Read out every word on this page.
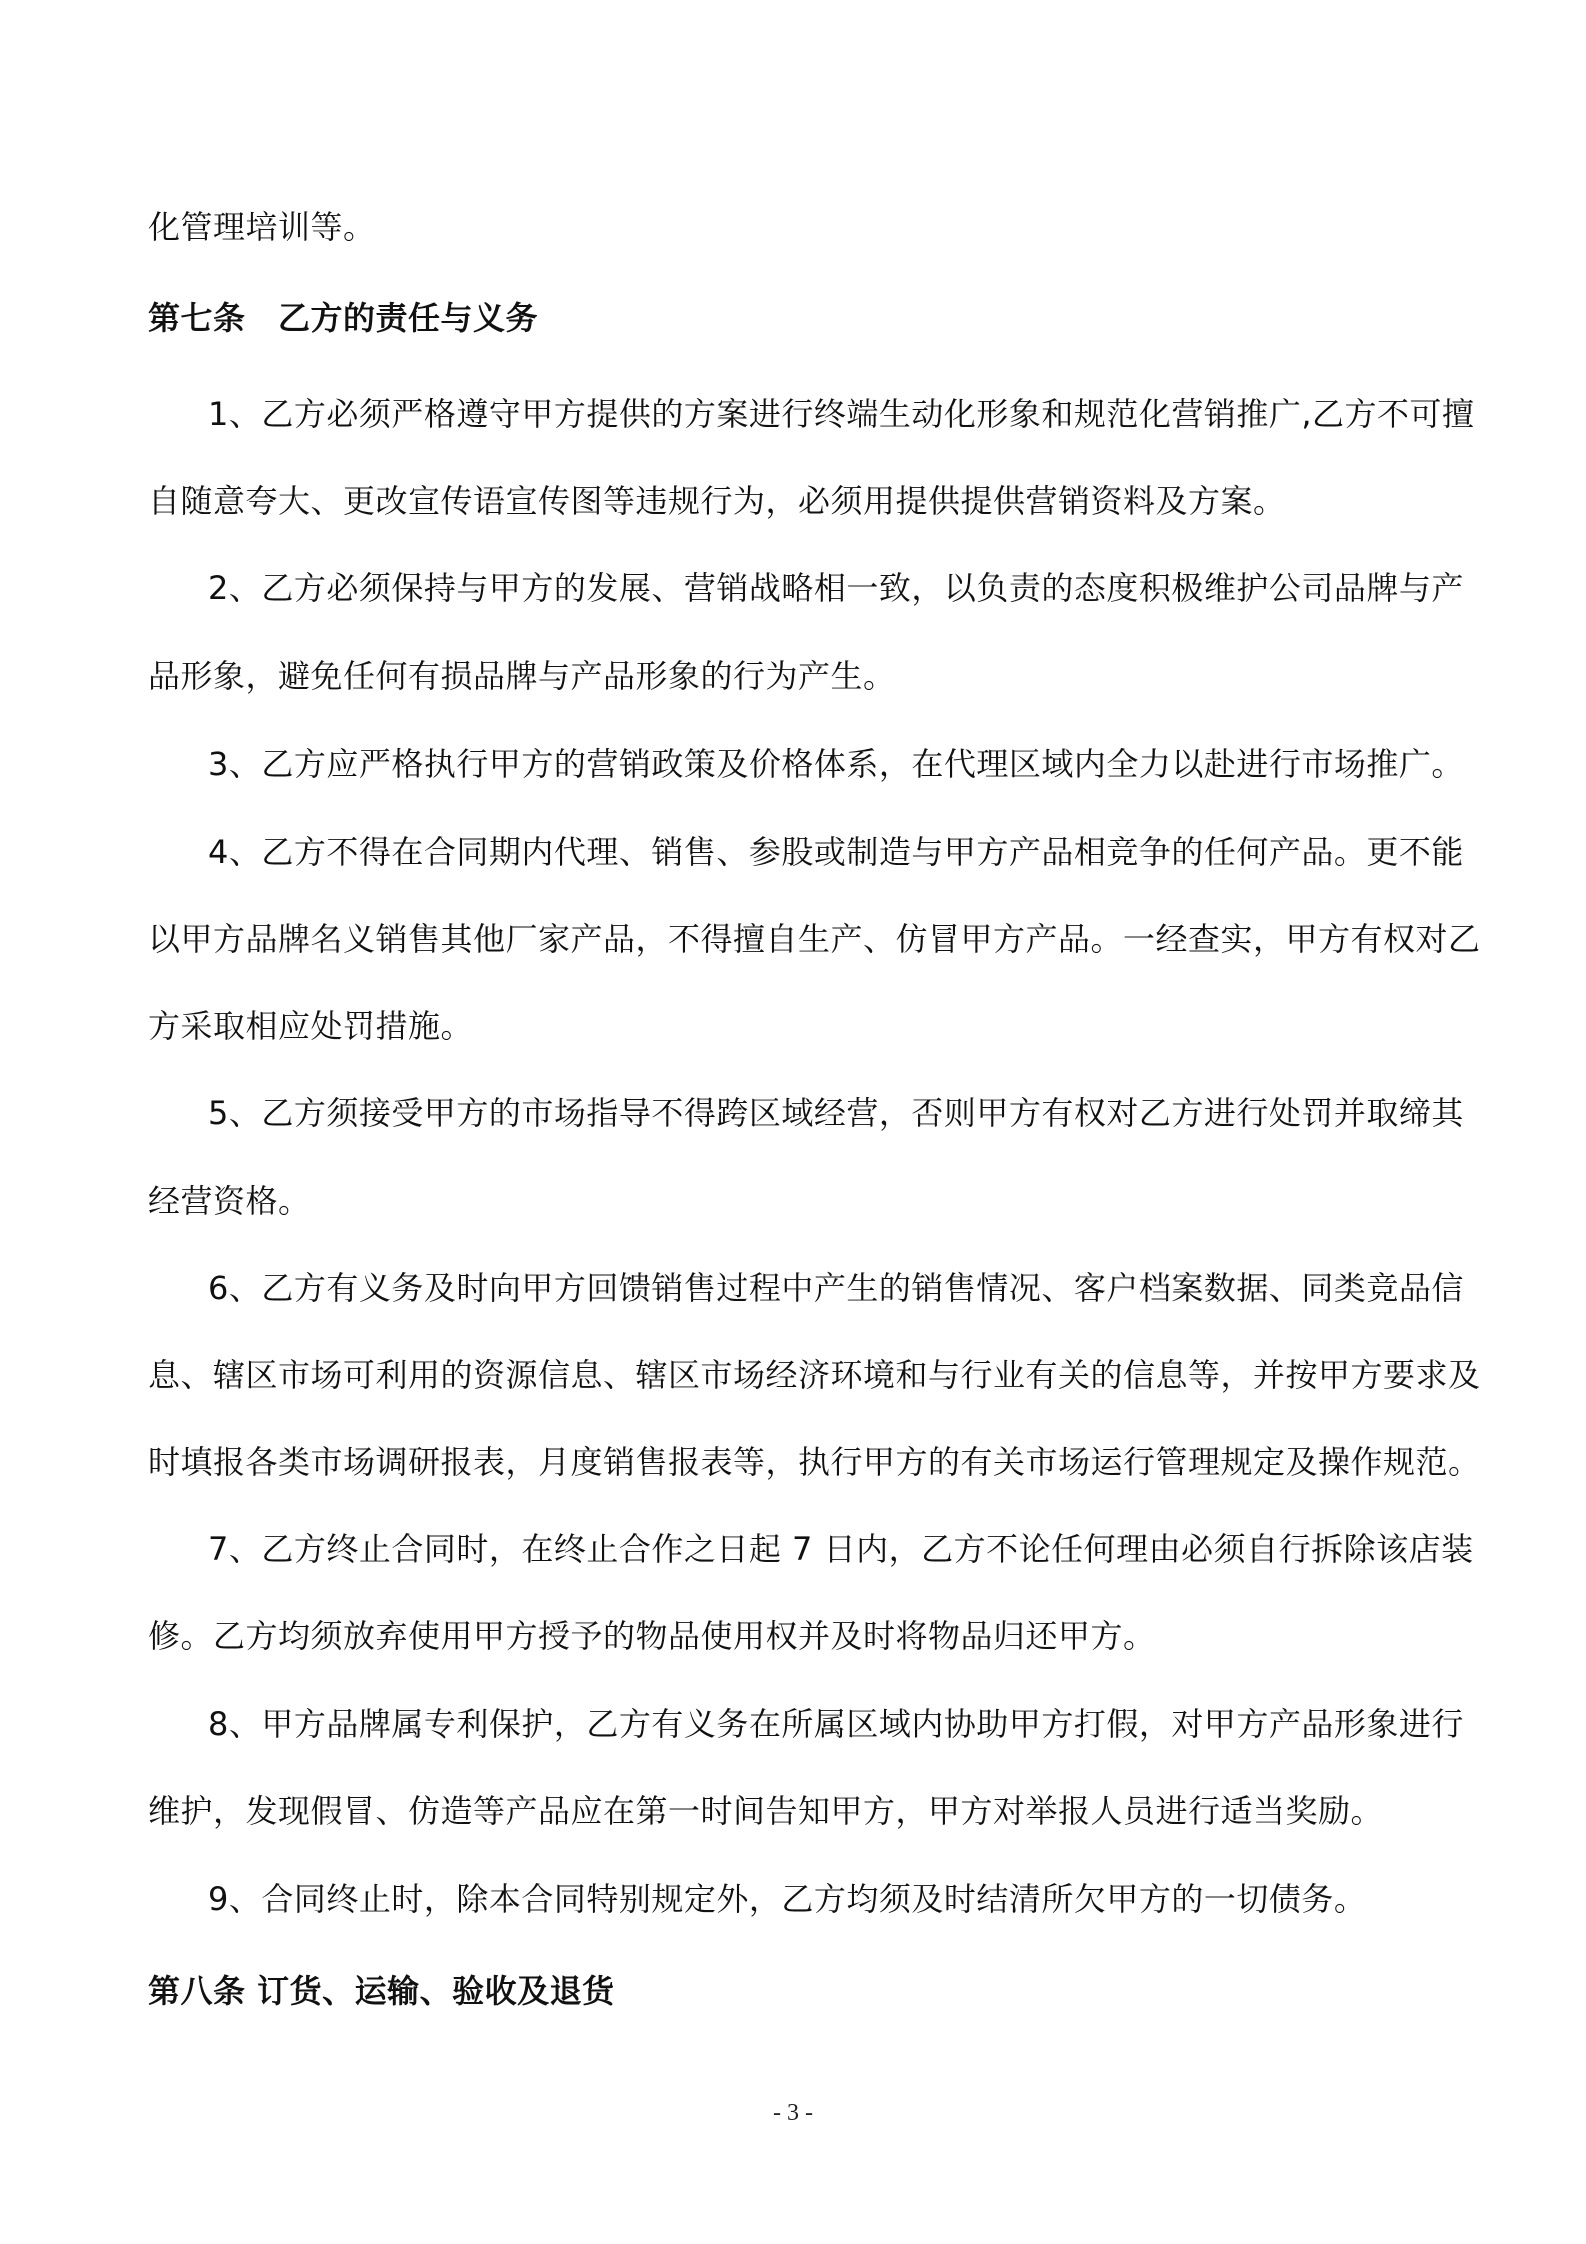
化管理培训等。
第七条　乙方的责任与义务
1、乙方必须严格遵守甲方提供的方案进行终端生动化形象和规范化营销推广,乙方不可擅
自随意夸大、更改宣传语宣传图等违规行为，必须用提供提供营销资料及方案。
2、乙方必须保持与甲方的发展、营销战略相一致，以负责的态度积极维护公司品牌与产
品形象，避免任何有损品牌与产品形象的行为产生。
3、乙方应严格执行甲方的营销政策及价格体系，在代理区域内全力以赴进行市场推广。
4、乙方不得在合同期内代理、销售、参股或制造与甲方产品相竞争的任何产品。更不能
以甲方品牌名义销售其他厂家产品，不得擅自生产、仿冒甲方产品。一经查实，甲方有权对乙
方采取相应处罚措施。
5、乙方须接受甲方的市场指导不得跨区域经营，否则甲方有权对乙方进行处罚并取缔其
经营资格。
6、乙方有义务及时向甲方回馈销售过程中产生的销售情况、客户档案数据、同类竞品信
息、辖区市场可利用的资源信息、辖区市场经济环境和与行业有关的信息等，并按甲方要求及
时填报各类市场调研报表，月度销售报表等，执行甲方的有关市场运行管理规定及操作规范。
7、乙方终止合同时，在终止合作之日起 7 日内，乙方不论任何理由必须自行拆除该店装
修。乙方均须放弃使用甲方授予的物品使用权并及时将物品归还甲方。
8、甲方品牌属专利保护，乙方有义务在所属区域内协助甲方打假，对甲方产品形象进行
维护，发现假冒、仿造等产品应在第一时间告知甲方，甲方对举报人员进行适当奖励。
9、合同终止时，除本合同特别规定外，乙方均须及时结清所欠甲方的一切债务。
第八条 订货、运输、验收及退货
- 3 -
